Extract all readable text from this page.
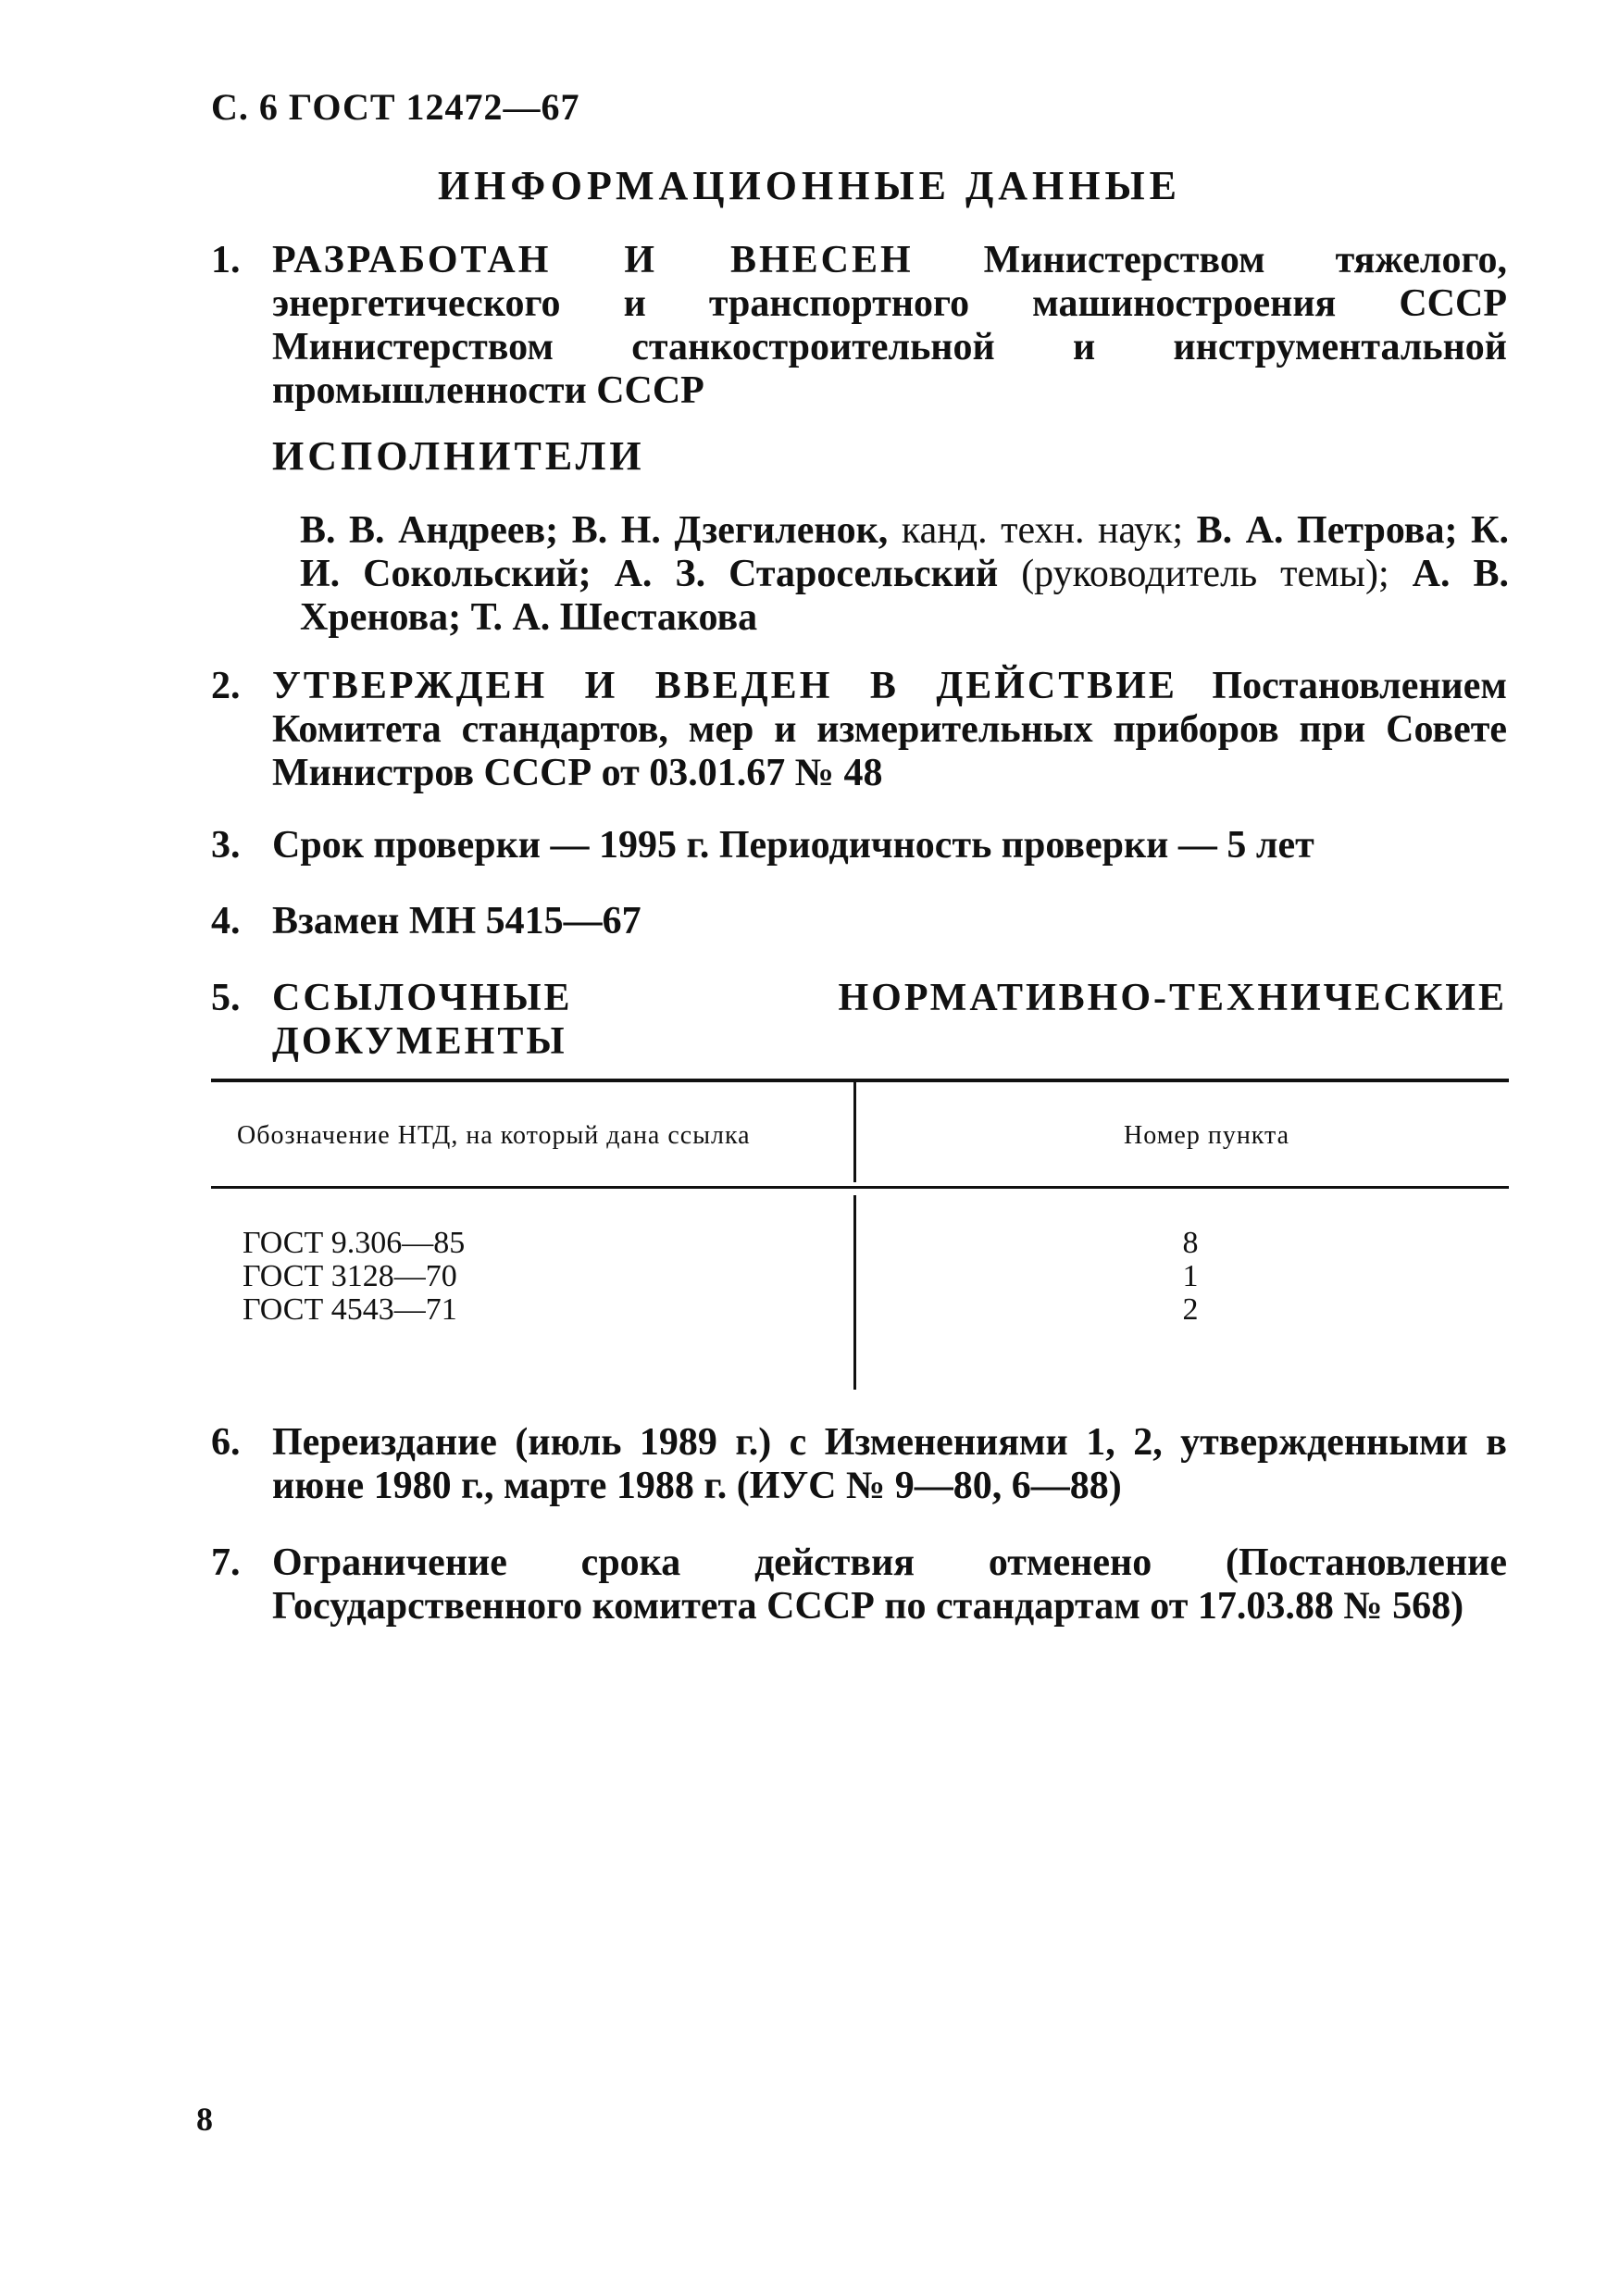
С. 6 ГОСТ 12472—67
ИНФОРМАЦИОННЫЕ ДАННЫЕ
1. РАЗРАБОТАН И ВНЕСЕН Министерством тяжелого, энергетического и транспортного машиностроения СССР Министерством станкостроительной и инструментальной промышленности СССР
ИСПОЛНИТЕЛИ
В. В. Андреев; В. Н. Дзегиленок, канд. техн. наук; В. А. Петрова; К. И. Сокольский; А. З. Старосельский (руководитель темы); А. В. Хренова; Т. А. Шестакова
2. УТВЕРЖДЕН И ВВЕДЕН В ДЕЙСТВИЕ Постановлением Комитета стандартов, мер и измерительных приборов при Совете Министров СССР от 03.01.67 № 48
3. Срок проверки — 1995 г. Периодичность проверки — 5 лет
4. Взамен МН 5415—67
5. ССЫЛОЧНЫЕ НОРМАТИВНО-ТЕХНИЧЕСКИЕ ДОКУМЕНТЫ
Обозначение НТД, на который дана ссылка	Номер пункта
ГОСТ 9.306—85	8
ГОСТ 3128—70	1
ГОСТ 4543—71	2
6. Переиздание (июль 1989 г.) с Изменениями 1, 2, утвержденными в июне 1980 г., марте 1988 г. (ИУС № 9—80, 6—88)
7. Ограничение срока действия отменено (Постановление Государственного комитета СССР по стандартам от 17.03.88 № 568)
8
